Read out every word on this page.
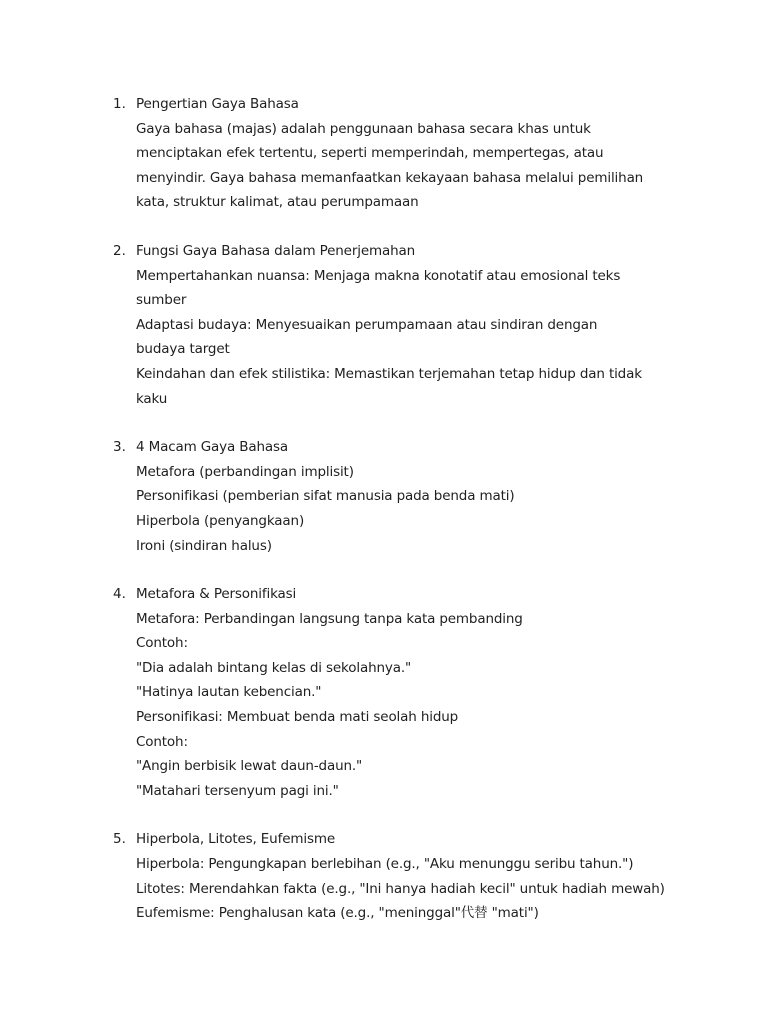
1. Pengertian Gaya Bahasa
Gaya bahasa (majas) adalah penggunaan bahasa secara khas untuk
menciptakan efek tertentu, seperti memperindah, mempertegas, atau
menyindir. Gaya bahasa memanfaatkan kekayaan bahasa melalui pemilihan
kata, struktur kalimat, atau perumpamaan
2. Fungsi Gaya Bahasa dalam Penerjemahan
Mempertahankan nuansa: Menjaga makna konotatif atau emosional teks
sumber
Adaptasi budaya: Menyesuaikan perumpamaan atau sindiran dengan
budaya target
Keindahan dan efek stilistika: Memastikan terjemahan tetap hidup dan tidak
kaku
3. 4 Macam Gaya Bahasa
Metafora (perbandingan implisit)
Personifikasi (pemberian sifat manusia pada benda mati)
Hiperbola (penyangkaan)
Ironi (sindiran halus)
4. Metafora & Personifikasi
Metafora: Perbandingan langsung tanpa kata pembanding
Contoh:
"Dia adalah bintang kelas di sekolahnya."
"Hatinya lautan kebencian."
Personifikasi: Membuat benda mati seolah hidup
Contoh:
"Angin berbisik lewat daun-daun."
"Matahari tersenyum pagi ini."
5. Hiperbola, Litotes, Eufemisme
Hiperbola: Pengungkapan berlebihan (e.g., "Aku menunggu seribu tahun.")
Litotes: Merendahkan fakta (e.g., "Ini hanya hadiah kecil" untuk hadiah mewah)
Eufemisme: Penghalusan kata (e.g., "meninggal"代替 "mati")
